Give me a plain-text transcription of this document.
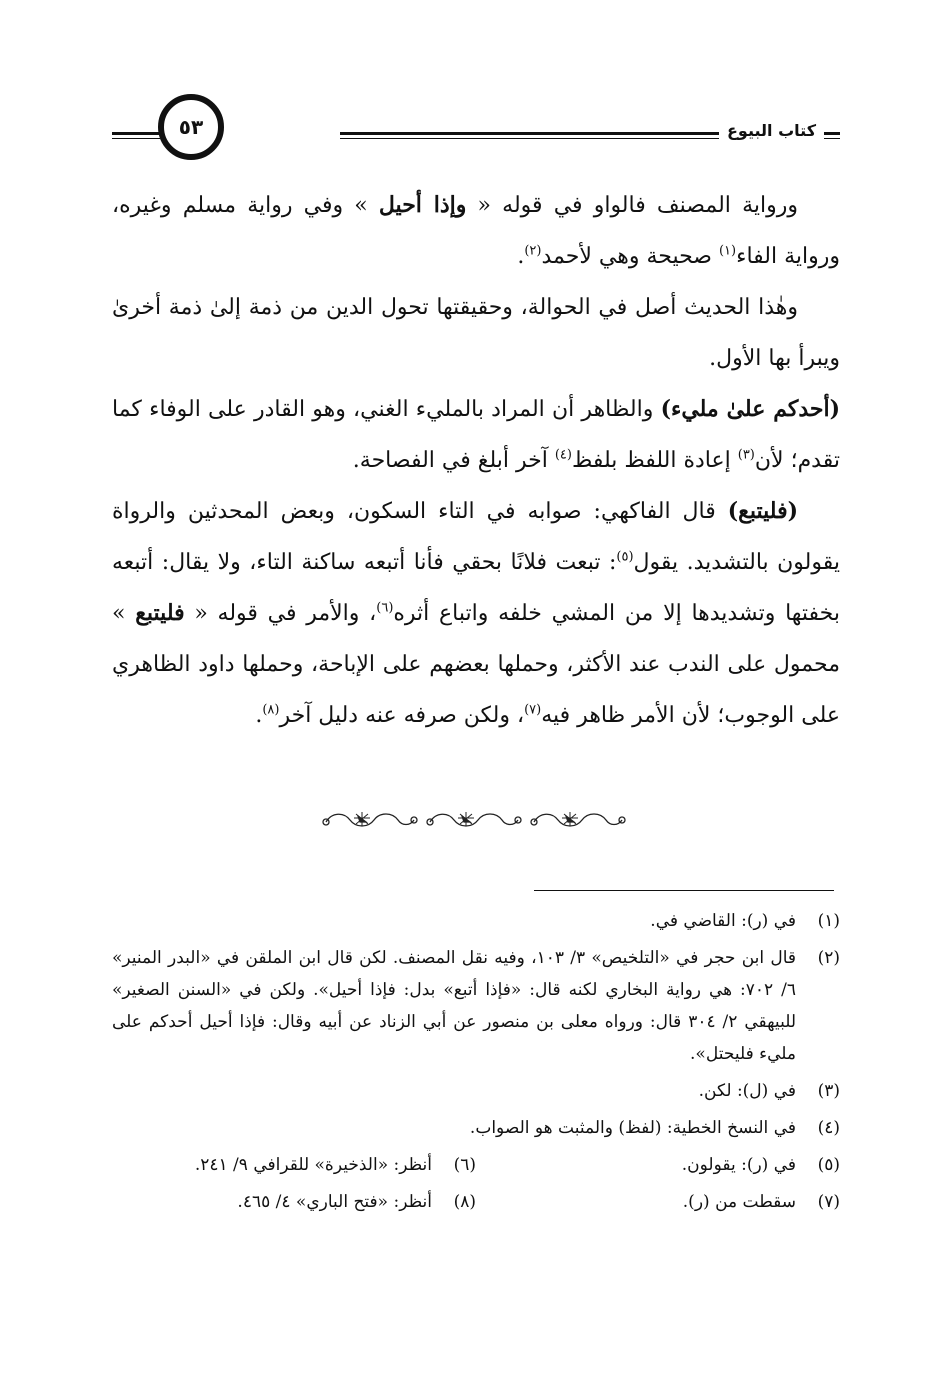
كتاب البيوع
٥٣

ورواية المصنف فالواو في قوله « وإذا أحيل » وفي رواية مسلم وغيره، ورواية الفاء$^{(١)}$ صحيحة وهي لأحمد$^{(٢)}$.

وهٰذا الحديث أصل في الحوالة، وحقيقتها تحول الدين من ذمة إلىٰ ذمة أخرىٰ ويبرأ بها الأول.

(أحدكم علىٰ مليء) والظاهر أن المراد بالمليء الغني، وهو القادر على الوفاء كما تقدم؛ لأن$^{(٣)}$ إعادة اللفظ بلفظ$^{(٤)}$ آخر أبلغ في الفصاحة.

(فليتبع) قال الفاكهي: صوابه في التاء السكون، وبعض المحدثين والرواة يقولون بالتشديد. يقول$^{(٥)}$: تبعت فلانًا بحقي فأنا أتبعه ساكنة التاء، ولا يقال: أتبعه بخفتها وتشديدها إلا من المشي خلفه واتباع أثره$^{(٦)}$، والأمر في قوله « فليتبع » محمول على الندب عند الأكثر، وحملها بعضهم على الإباحة، وحملها داود الظاهري على الوجوب؛ لأن الأمر ظاهر فيه$^{(٧)}$، ولكن صرفه عنه دليل آخر$^{(٨)}$.

(١)
في (ر): القاضي في.
(٢)
قال ابن حجر في «التلخيص» ٣/ ١٠٣، وفيه نقل المصنف. لكن قال ابن الملقن في «البدر المنير» ٦/ ٧٠٢: هي رواية البخاري لكنه قال: «فإذا أتبع» بدل: فإذا أحيل». ولكن في «السنن الصغير» للبيهقي ٢/ ٣٠٤ قال: ورواه معلى بن منصور عن أبي الزناد عن أبيه وقال: فإذا أحيل أحدكم على مليء فليحتل».
(٣)
في (ل): لكن.
(٤)
في النسخ الخطية: (لفظ) والمثبت هو الصواب.
(٥)
في (ر): يقولون.
(٦)
أنظر: «الذخيرة» للقرافي ٩/ ٢٤١.
(٧)
سقطت من (ر).
(٨)
أنظر: «فتح الباري» ٤/ ٤٦٥.
